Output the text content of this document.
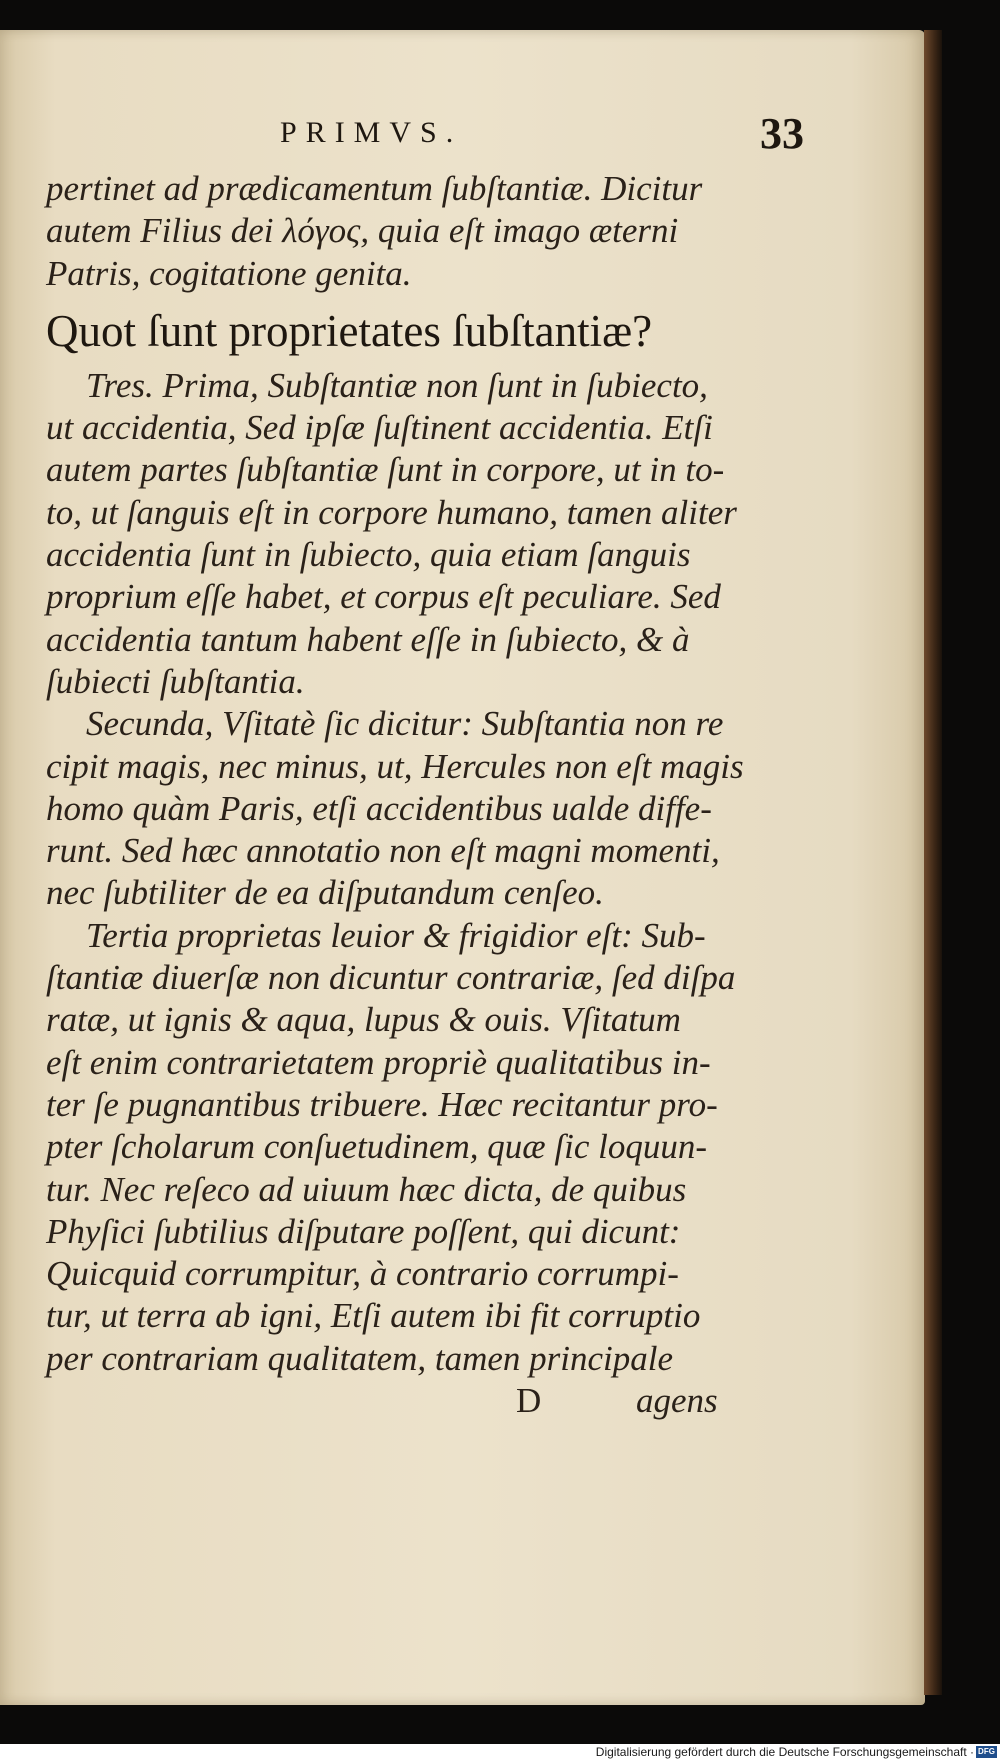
PRIMVS.	33
pertinet ad prædicamentum ſubſtantiæ. Dicitur
autem Filius dei λόγος, quia eſt imago æterni
Patris, cogitatione genita.
Quot ſunt proprietates ſubſtantiæ?
Tres. Prima, Subſtantiæ non ſunt in ſubiecto,
ut accidentia, Sed ipſæ ſuſtinent accidentia. Etſi
autem partes ſubſtantiæ ſunt in corpore, ut in to-
to, ut ſanguis eſt in corpore humano, tamen aliter
accidentia ſunt in ſubiecto, quia etiam ſanguis
proprium eſſe habet, et corpus eſt peculiare. Sed
accidentia tantum habent eſſe in ſubiecto, & à
ſubiecti ſubſtantia.
Secunda, Vſitatè ſic dicitur: Subſtantia non re
cipit magis, nec minus, ut, Hercules non eſt magis
homo quàm Paris, etſi accidentibus ualde diffe-
runt. Sed hæc annotatio non eſt magni momenti,
nec ſubtiliter de ea diſputandum cenſeo.
Tertia proprietas leuior & frigidior eſt: Sub-
ſtantiæ diuerſæ non dicuntur contrariæ, ſed diſpa
ratæ, ut ignis & aqua, lupus & ouis. Vſitatum
eſt enim contrarietatem propriè qualitatibus in-
ter ſe pugnantibus tribuere. Hæc recitantur pro-
pter ſcholarum conſuetudinem, quæ ſic loquun-
tur. Nec reſeco ad uiuum hæc dicta, de quibus
Phyſici ſubtilius diſputare poſſent, qui dicunt:
Quicquid corrumpitur, à contrario corrumpi-
tur, ut terra ab igni, Etſi autem ibi fit corruptio
per contrariam qualitatem, tamen principale
D	agens
Digitalisierung gefördert durch die Deutsche Forschungsgemeinschaft · DFG
